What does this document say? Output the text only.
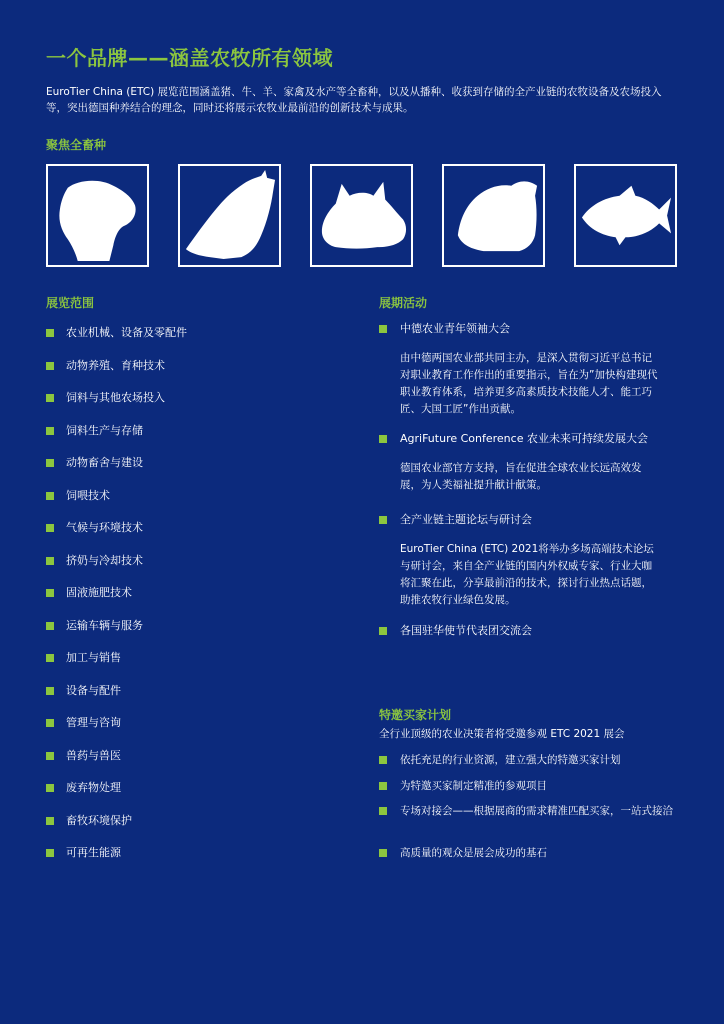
一个品牌——涵盖农牧所有领域
EuroTier China (ETC) 展览范围涵盖猪、牛、羊、家禽及水产等全畜种，以及从播种、收获到存储的全产业链的农牧设备及农场投入等，突出德国种养结合的理念，同时还将展示农牧业最前沿的创新技术与成果。
聚焦全畜种
展览范围
农业机械、设备及零配件
动物养殖、育种技术
饲料与其他农场投入
饲料生产与存储
动物畜舍与建设
饲喂技术
气候与环境技术
挤奶与冷却技术
固液施肥技术
运输车辆与服务
加工与销售
设备与配件
管理与咨询
兽药与兽医
废弃物处理
畜牧环境保护
可再生能源
展期活动
中德农业青年领袖大会
由中德两国农业部共同主办，是深入贯彻习近平总书记对职业教育工作作出的重要指示，旨在为”加快构建现代职业教育体系，培养更多高素质技术技能人才、能工巧匠、大国工匠”作出贡献。
AgriFuture Conference 农业未来可持续发展大会
德国农业部官方支持，旨在促进全球农业长远高效发展，为人类福祉提升献计献策。
全产业链主题论坛与研讨会
EuroTier China (ETC) 2021将举办多场高端技术论坛与研讨会，来自全产业链的国内外权威专家、行业大咖将汇聚在此，分享最前沿的技术，探讨行业热点话题，助推农牧行业绿色发展。
各国驻华使节代表团交流会
特邀买家计划
全行业顶级的农业决策者将受邀参观 ETC 2021 展会
依托充足的行业资源，建立强大的特邀买家计划
为特邀买家制定精准的参观项目
专场对接会——根据展商的需求精准匹配买家，一站式接洽
高质量的观众是展会成功的基石
